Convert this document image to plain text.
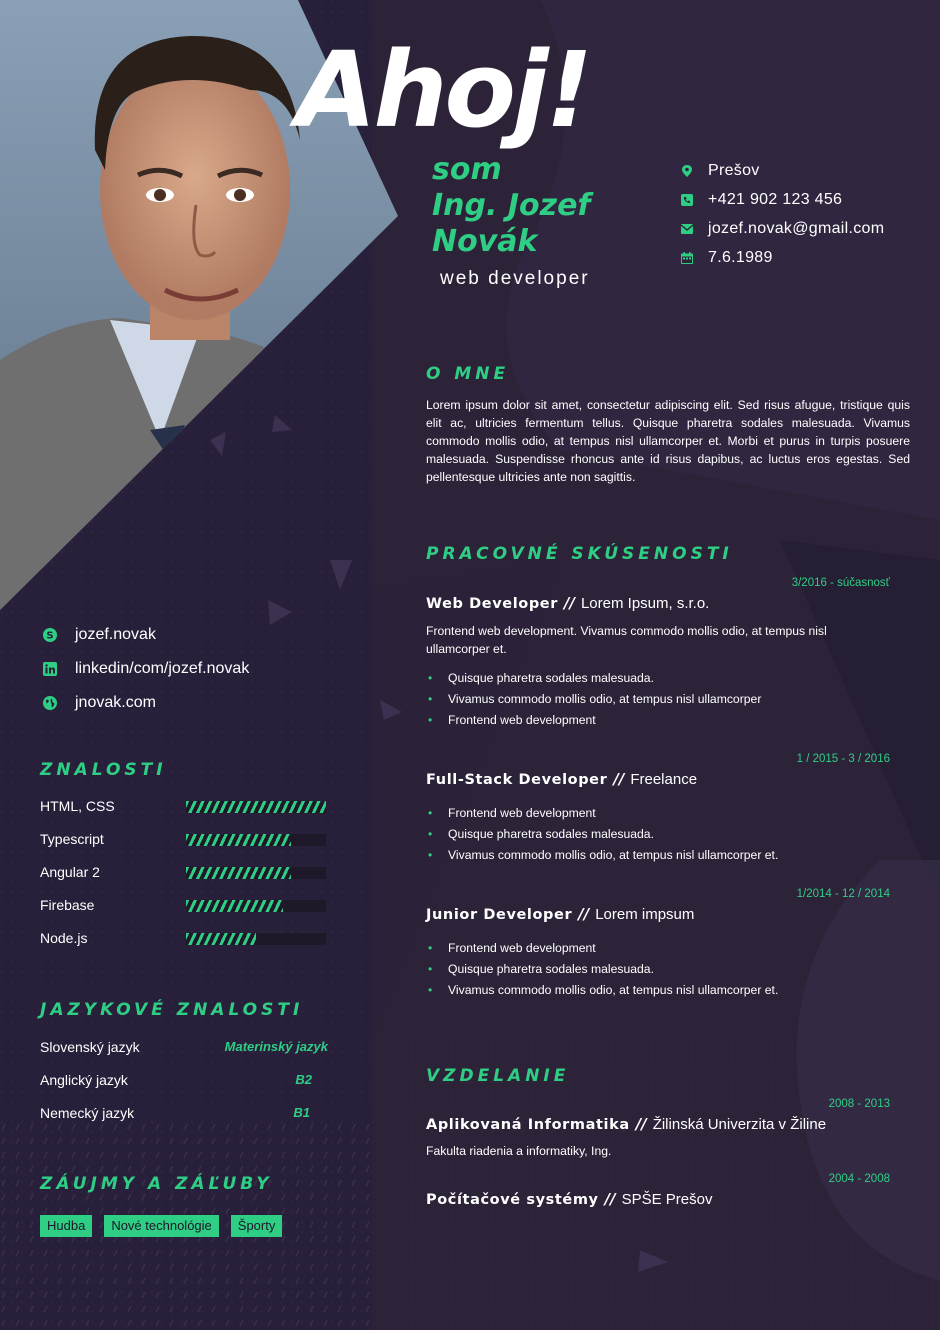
Ahoj!
som
Ing. Jozef Novák
web developer
Prešov
+421 902 123 456
jozef.novak@gmail.com
7.6.1989
S jozef.novak
linkedin/com/jozef.novak
jnovak.com
ZNALOSTI
HTML, CSS
Typescript
Angular 2
Firebase
Node.js
JAZYKOVÉ ZNALOSTI
Slovenský jazyk	Materinský jazyk
Anglický jazyk	B2
Nemecký jazyk	B1
ZÁUJMY A ZÁĽUBY
Hudba	Nové technológie	Športy
O MNE
Lorem ipsum dolor sit amet, consectetur adipiscing elit. Sed risus afugue, tristique quis elit ac, ultricies fermentum tellus. Quisque pharetra sodales malesuada. Vivamus commodo mollis odio, at tempus nisl ullamcorper et. Morbi et purus in turpis posuere malesuada. Suspendisse rhoncus ante id risus dapibus, ac luctus eros egestas. Sed pellentesque ultricies ante non sagittis.
PRACOVNÉ SKÚSENOSTI
3/2016 - súčasnosť
Web Developer // Lorem Ipsum, s.r.o.
Frontend web development. Vivamus commodo mollis odio, at tempus nisl ullamcorper et.
• Quisque pharetra sodales malesuada.
• Vivamus commodo mollis odio, at tempus nisl ullamcorper
• Frontend web development
1 / 2015 - 3 / 2016
Full-Stack Developer // Freelance
• Frontend web development
• Quisque pharetra sodales malesuada.
• Vivamus commodo mollis odio, at tempus nisl ullamcorper et.
1/2014 - 12 / 2014
Junior Developer // Lorem impsum
• Frontend web development
• Quisque pharetra sodales malesuada.
• Vivamus commodo mollis odio, at tempus nisl ullamcorper et.
VZDELANIE
2008 - 2013
Aplikovaná Informatika // Žilinská Univerzita v Žiline
Fakulta riadenia a informatiky, Ing.
2004 - 2008
Počítačové systémy // SPŠE Prešov
